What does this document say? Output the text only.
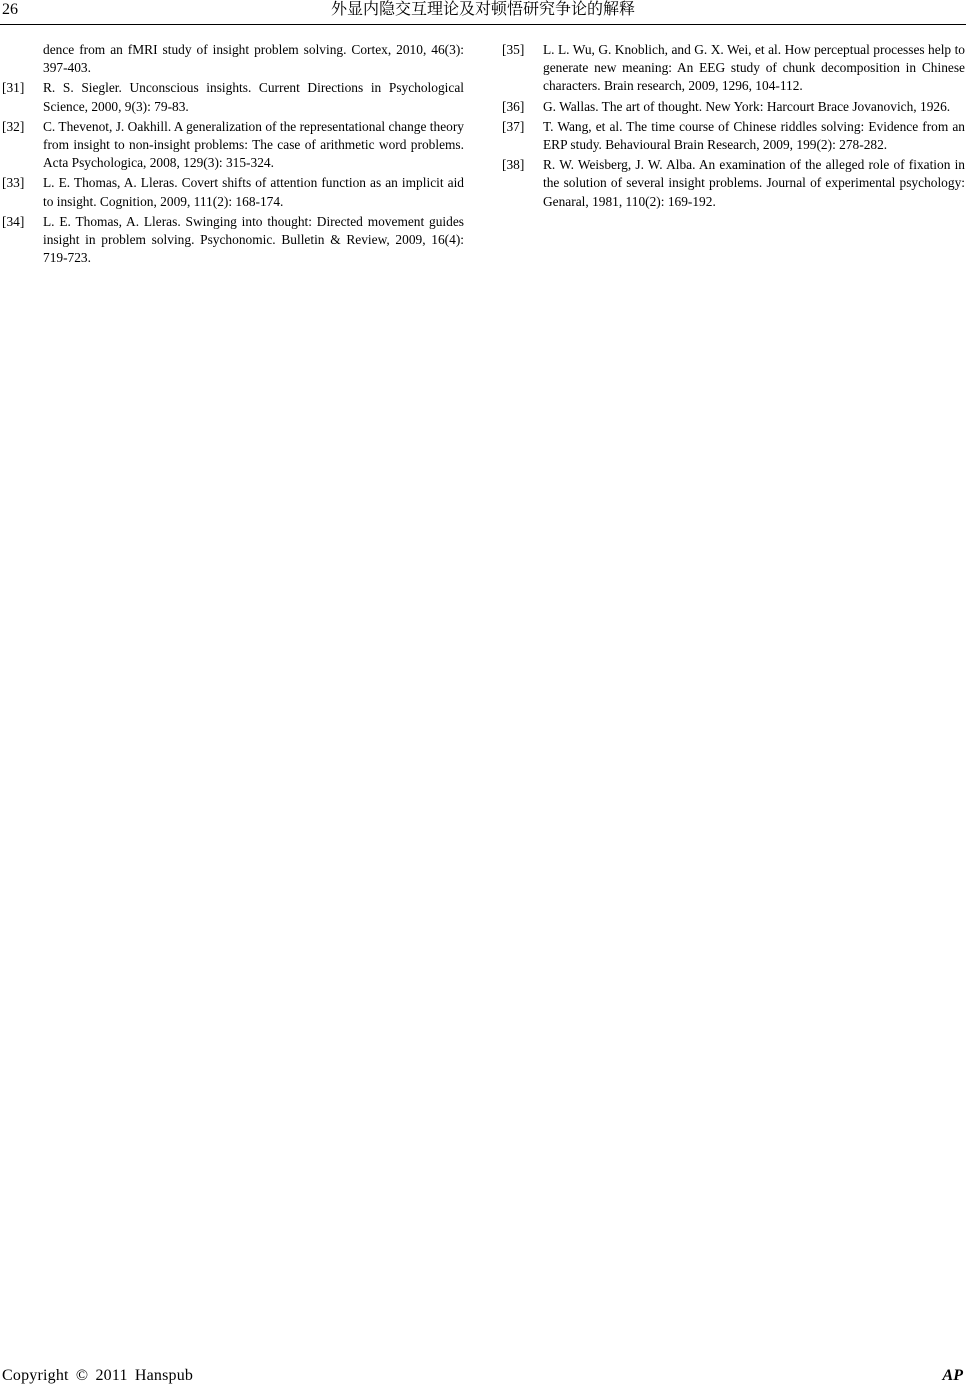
26	外显内隐交互理论及对顿悟研究争论的解释
dence from an fMRI study of insight problem solving. Cortex, 2010, 46(3): 397-403.
[31] R. S. Siegler. Unconscious insights. Current Directions in Psychological Science, 2000, 9(3): 79-83.
[32] C. Thevenot, J. Oakhill. A generalization of the representational change theory from insight to non-insight problems: The case of arithmetic word problems. Acta Psychologica, 2008, 129(3): 315-324.
[33] L. E. Thomas, A. Lleras. Covert shifts of attention function as an implicit aid to insight. Cognition, 2009, 111(2): 168-174.
[34] L. E. Thomas, A. Lleras. Swinging into thought: Directed movement guides insight in problem solving. Psychonomic. Bulletin & Review, 2009, 16(4): 719-723.
[35] L. L. Wu, G. Knoblich, and G. X. Wei, et al. How perceptual processes help to generate new meaning: An EEG study of chunk decomposition in Chinese characters. Brain research, 2009, 1296, 104-112.
[36] G. Wallas. The art of thought. New York: Harcourt Brace Jovanovich, 1926.
[37] T. Wang, et al. The time course of Chinese riddles solving: Evidence from an ERP study. Behavioural Brain Research, 2009, 199(2): 278-282.
[38] R. W. Weisberg, J. W. Alba. An examination of the alleged role of fixation in the solution of several insight problems. Journal of experimental psychology: Genaral, 1981, 110(2): 169-192.
Copyright © 2011 Hanspub	AP
